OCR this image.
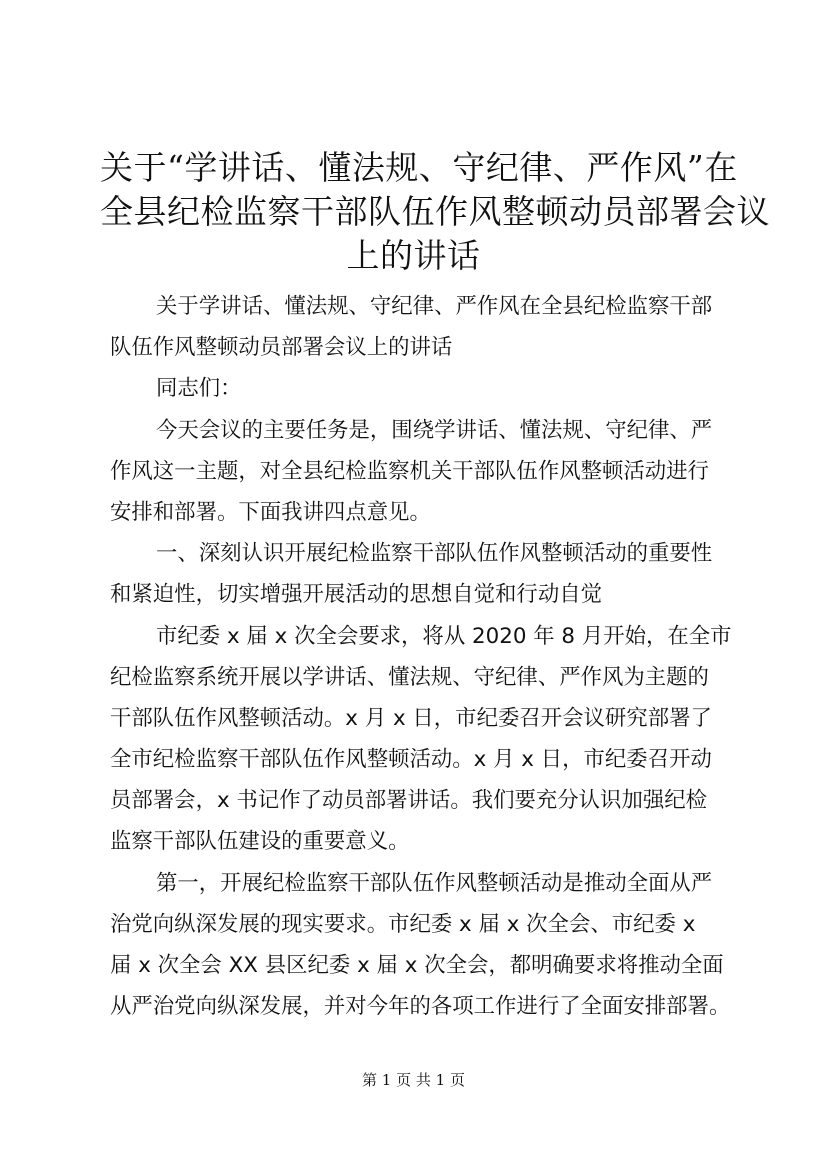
关于“学讲话、懂法规、守纪律、严作风”在
全县纪检监察干部队伍作风整顿动员部署会议
上的讲话
关于学讲话、懂法规、守纪律、严作风在全县纪检监察干部
队伍作风整顿动员部署会议上的讲话
同志们：
今天会议的主要任务是，围绕学讲话、懂法规、守纪律、严
作风这一主题，对全县纪检监察机关干部队伍作风整顿活动进行
安排和部署。下面我讲四点意见。
一、深刻认识开展纪检监察干部队伍作风整顿活动的重要性
和紧迫性，切实增强开展活动的思想自觉和行动自觉
市纪委 x 届 x 次全会要求，将从 2020 年 8 月开始，在全市
纪检监察系统开展以学讲话、懂法规、守纪律、严作风为主题的
干部队伍作风整顿活动。x 月 x 日，市纪委召开会议研究部署了
全市纪检监察干部队伍作风整顿活动。x 月 x 日，市纪委召开动
员部署会，x 书记作了动员部署讲话。我们要充分认识加强纪检
监察干部队伍建设的重要意义。
第一，开展纪检监察干部队伍作风整顿活动是推动全面从严
治党向纵深发展的现实要求。市纪委 x 届 x 次全会、市纪委 x
届 x 次全会 XX 县区纪委 x 届 x 次全会，都明确要求将推动全面
从严治党向纵深发展，并对今年的各项工作进行了全面安排部署。
第 1 页 共 1 页
